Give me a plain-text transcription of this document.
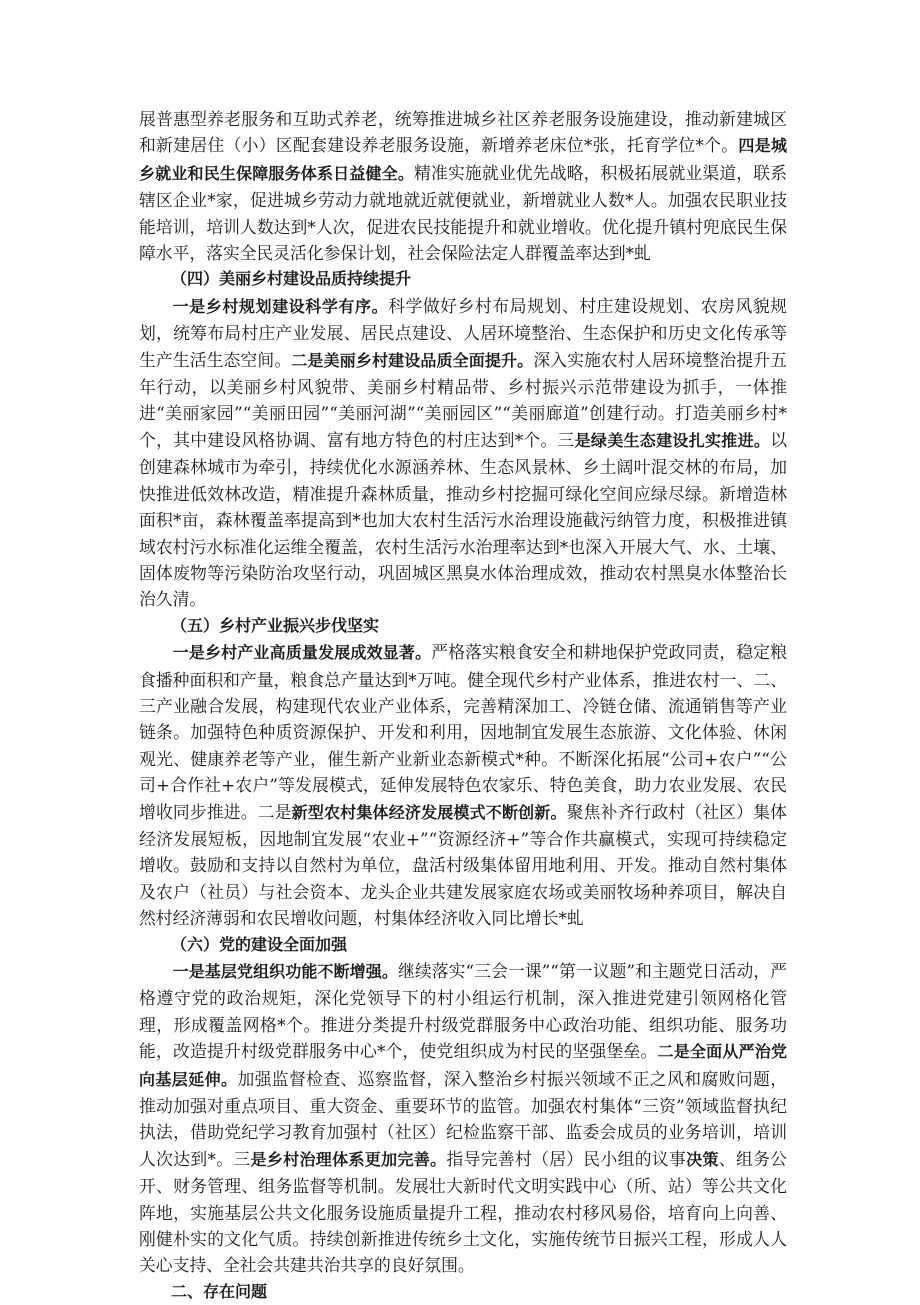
展普惠型养老服务和互助式养老，统筹推进城乡社区养老服务设施建设，推动新建城区和新建居住（小）区配套建设养老服务设施，新增养老床位*张，托育学位*个。四是城乡就业和民生保障服务体系日益健全。精准实施就业优先战略，积极拓展就业渠道，联系辖区企业*家，促进城乡劳动力就地就近就便就业，新增就业人数*人。加强农民职业技能培训，培训人数达到*人次，促进农民技能提升和就业增收。优化提升镇村兜底民生保障水平，落实全民灵活化参保计划，社会保险法定人群覆盖率达到*虬

（四）美丽乡村建设品质持续提升

一是乡村规划建设科学有序。科学做好乡村布局规划、村庄建设规划、农房风貌规划，统筹布局村庄产业发展、居民点建设、人居环境整治、生态保护和历史文化传承等生产生活生态空间。二是美丽乡村建设品质全面提升。深入实施农村人居环境整治提升五年行动，以美丽乡村风貌带、美丽乡村精品带、乡村振兴示范带建设为抓手，一体推进“美丽家园”“美丽田园”“美丽河湖”“美丽园区”“美丽廊道”创建行动。打造美丽乡村*个，其中建设风格协调、富有地方特色的村庄达到*个。三是绿美生态建设扎实推进。以创建森林城市为牵引，持续优化水源涵养林、生态风景林、乡土阔叶混交林的布局，加快推进低效林改造，精准提升森林质量，推动乡村挖掘可绿化空间应绿尽绿。新增造林面积*亩，森林覆盖率提高到*也加大农村生活污水治理设施截污纳管力度，积极推进镇域农村污水标准化运维全覆盖，农村生活污水治理率达到*也深入开展大气、水、土壤、固体废物等污染防治攻坚行动，巩固城区黑臭水体治理成效，推动农村黑臭水体整治长治久清。

（五）乡村产业振兴步伐坚实

一是乡村产业高质量发展成效显著。严格落实粮食安全和耕地保护党政同责，稳定粮食播种面积和产量，粮食总产量达到*万吨。健全现代乡村产业体系，推进农村一、二、三产业融合发展，构建现代农业产业体系，完善精深加工、冷链仓储、流通销售等产业链条。加强特色种质资源保护、开发和利用，因地制宜发展生态旅游、文化体验、休闲观光、健康养老等产业，催生新产业新业态新模式*种。不断深化拓展“公司+农户”“公司+合作社+农户”等发展模式，延伸发展特色农家乐、特色美食，助力农业发展、农民增收同步推进。二是新型农村集体经济发展模式不断创新。聚焦补齐行政村（社区）集体经济发展短板，因地制宜发展“农业+”“资源经济+”等合作共赢模式，实现可持续稳定增收。鼓励和支持以自然村为单位，盘活村级集体留用地利用、开发。推动自然村集体及农户（社员）与社会资本、龙头企业共建发展家庭农场或美丽牧场种养项目，解决自然村经济薄弱和农民增收问题，村集体经济收入同比增长*虬

（六）党的建设全面加强

一是基层党组织功能不断增强。继续落实“三会一课”“第一议题”和主题党日活动，严格遵守党的政治规矩，深化党领导下的村小组运行机制，深入推进党建引领网格化管理，形成覆盖网格*个。推进分类提升村级党群服务中心政治功能、组织功能、服务功能，改造提升村级党群服务中心*个，使党组织成为村民的坚强堡垒。二是全面从严治党向基层延伸。加强监督检查、巡察监督，深入整治乡村振兴领域不正之风和腐败问题，推动加强对重点项目、重大资金、重要环节的监管。加强农村集体“三资”领域监督执纪执法，借助党纪学习教育加强村（社区）纪检监察干部、监委会成员的业务培训，培训人次达到*。三是乡村治理体系更加完善。指导完善村（居）民小组的议事决策、组务公开、财务管理、组务监督等机制。发展壮大新时代文明实践中心（所、站）等公共文化阵地，实施基层公共文化服务设施质量提升工程，推动农村移风易俗，培育向上向善、刚健朴实的文化气质。持续创新推进传统乡土文化，实施传统节日振兴工程，形成人人关心支持、全社会共建共治共享的良好氛围。

二、存在问题
